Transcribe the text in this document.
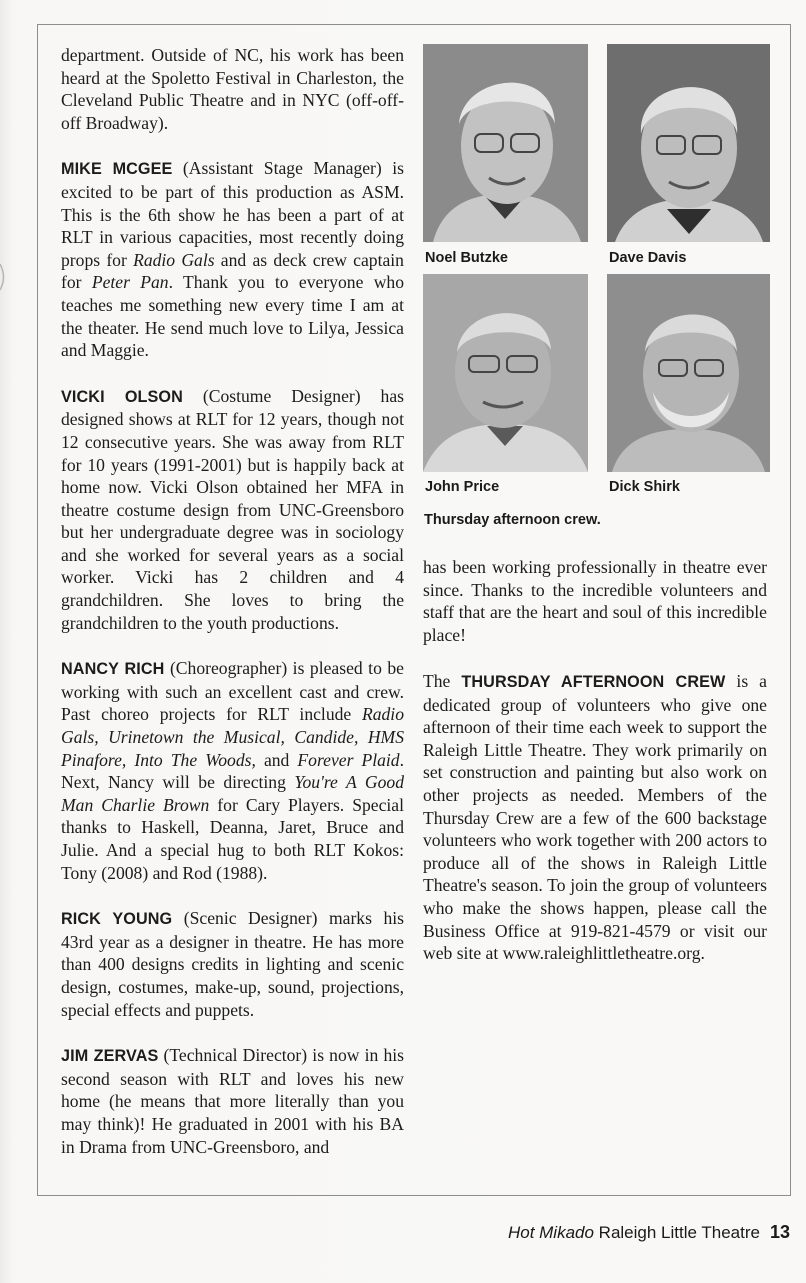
department. Outside of NC, his work has been heard at the Spoletto Festival in Charleston, the Cleveland Public Theatre and in NYC (off-off-off Broadway).

MIKE MCGEE (Assistant Stage Manager) is excited to be part of this production as ASM. This is the 6th show he has been a part of at RLT in various capacities, most recently doing props for Radio Gals and as deck crew captain for Peter Pan. Thank you to everyone who teaches me something new every time I am at the theater. He send much love to Lilya, Jessica and Maggie.

VICKI OLSON (Costume Designer) has designed shows at RLT for 12 years, though not 12 consecutive years. She was away from RLT for 10 years (1991-2001) but is happily back at home now. Vicki Olson obtained her MFA in theatre costume design from UNC-Greensboro but her undergraduate degree was in sociology and she worked for several years as a social worker. Vicki has 2 children and 4 grandchildren. She loves to bring the grandchildren to the youth productions.

NANCY RICH (Choreographer) is pleased to be working with such an excellent cast and crew. Past choreo projects for RLT include Radio Gals, Urinetown the Musical, Candide, HMS Pinafore, Into The Woods, and Forever Plaid. Next, Nancy will be directing You're A Good Man Charlie Brown for Cary Players. Special thanks to Haskell, Deanna, Jaret, Bruce and Julie. And a special hug to both RLT Kokos: Tony (2008) and Rod (1988).

RICK YOUNG (Scenic Designer) marks his 43rd year as a designer in theatre. He has more than 400 designs credits in lighting and scenic design, costumes, make-up, sound, projections, special effects and puppets.

JIM ZERVAS (Technical Director) is now in his second season with RLT and loves his new home (he means that more literally than you may think)! He graduated in 2001 with his BA in Drama from UNC-Greensboro, and

Noel Butzke	Dave Davis
John Price	Dick Shirk
Thursday afternoon crew.

has been working professionally in theatre ever since. Thanks to the incredible volunteers and staff that are the heart and soul of this incredible place!

The THURSDAY AFTERNOON CREW is a dedicated group of volunteers who give one afternoon of their time each week to support the Raleigh Little Theatre. They work primarily on set construction and painting but also work on other projects as needed. Members of the Thursday Crew are a few of the 600 backstage volunteers who work together with 200 actors to produce all of the shows in Raleigh Little Theatre's season. To join the group of volunteers who make the shows happen, please call the Business Office at 919-821-4579 or visit our web site at www.raleighlittletheatre.org.

Hot Mikado Raleigh Little Theatre 13
